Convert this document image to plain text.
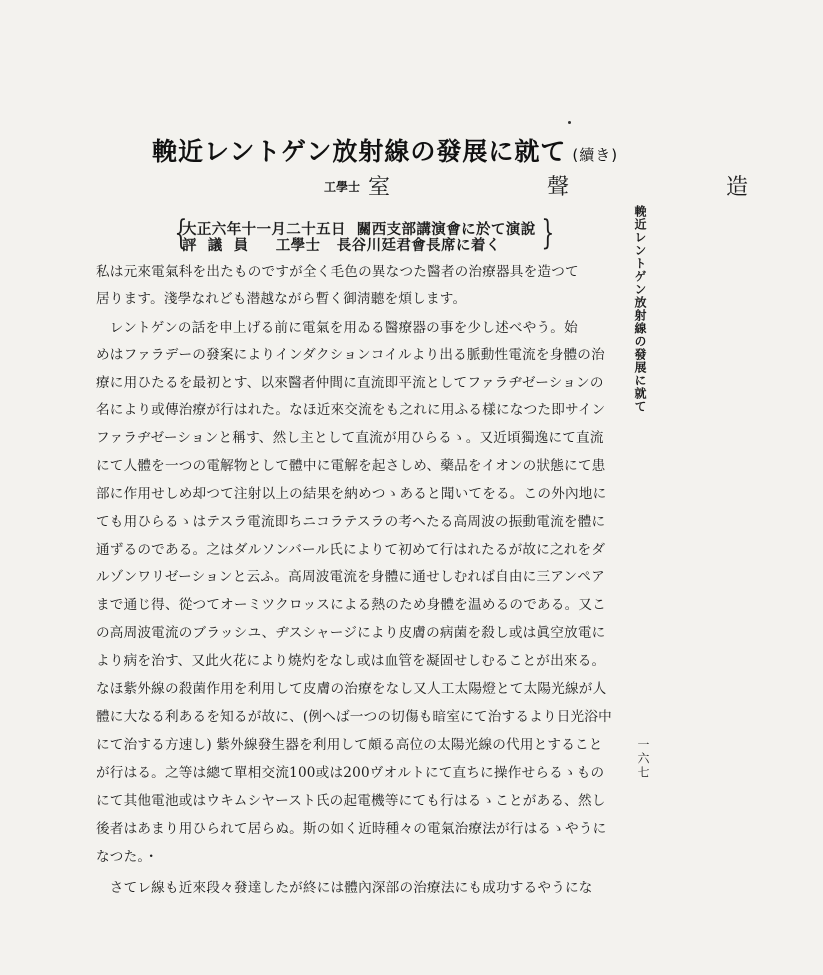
輓近レントゲン放射線の發展に就て (續き)
工學士 室 聲 造
{
大正六年十一月二十五日  關西支部講演會に於て演說
評  議  員     工學士   長谷川廷君會長席に着く }
私は元來電氣科を出たものですが全く毛色の異なつた醫者の治療器具を造つて
居ります。淺學なれども潜越ながら暫く御淸聽を煩します。
　レントゲンの話を申上げる前に電氣を用ゐる醫療器の事を少し述べやう。始
めはファラデーの發案によりインダクションコイルより出る脈動性電流を身體の治
療に用ひたるを最初とす、以來醫者仲間に直流即平流としてファラヂゼーションの
名により或傳治療が行はれた。なほ近來交流をも之れに用ふる樣になつた即サイン
ファラヂゼーションと稱す、然し主として直流が用ひらるゝ。又近頃獨逸にて直流
にて人體を一つの電解物として體中に電解を起さしめ、藥品をイオンの狀態にて患
部に作用せしめ却つて注射以上の結果を納めつゝあると聞いてをる。この外內地に
ても用ひらるゝはテスラ電流即ちニコラテスラの考へたる高周波の振動電流を體に
通ずるのである。之はダルソンバール氏によりて初めて行はれたるが故に之れをダ
ルゾンワリゼーションと云ふ。高周波電流を身體に通せしむれば自由に三アンペア
まで通じ得、從つてオーミツクロッスによる熱のため身體を温めるのである。又こ
の高周波電流のブラッシユ、ヂスシャージにより皮膚の病菌を殺し或は眞空放電に
より病を治す、又此火花により燒灼をなし或は血管を凝固せしむることが出來る。
なほ紫外線の殺菌作用を利用して皮膚の治療をなし又人工太陽燈とて太陽光線が人
體に大なる利あるを知るが故に、(例へば一つの切傷も暗室にて治するより日光浴中
にて治する方速し) 紫外線發生器を利用して頗る高位の太陽光線の代用とすること
が行はる。之等は總て單相交流100或は200ヴオルトにて直ちに操作せらるゝもの
にて其他電池或はウキムシヤースト氏の起電機等にても行はるゝことがある、然し
後者はあまり用ひられて居らぬ。斯の如く近時種々の電氣治療法が行はるゝやうに
なつた。・
　さてレ線も近來段々發達したが終には體內深部の治療法にも成功するやうにな
輓近レントゲン放射線の發展に就て
一六七
